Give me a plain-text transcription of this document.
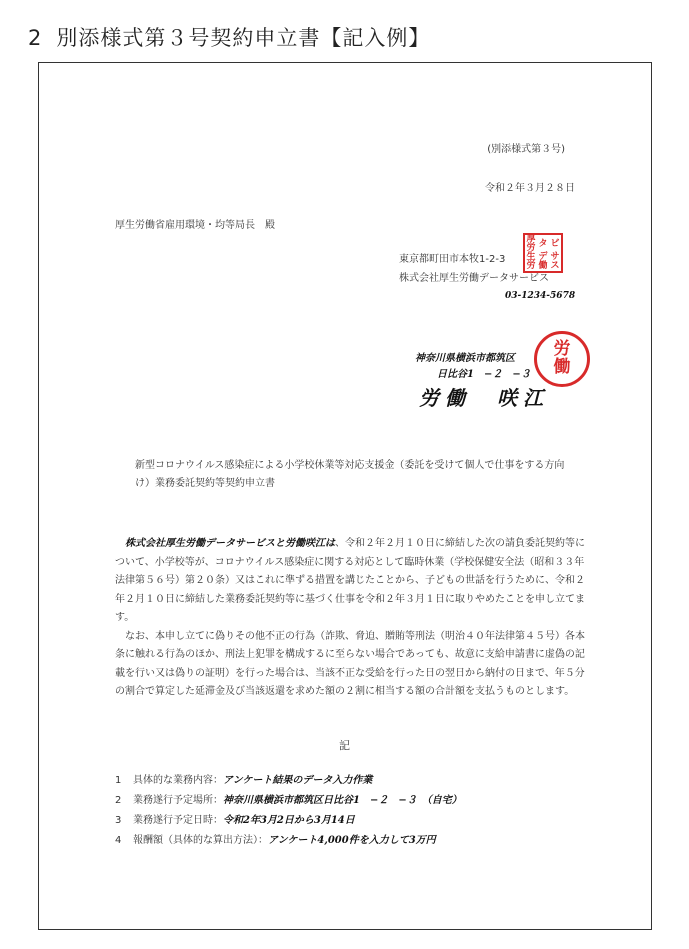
2 別添様式第３号契約申立書【記入例】
(別添様式第３号)
令和２年３月２８日
厚生労働省雇用環境・均等局長　殿
東京都町田市本牧1-2-3
株式会社厚生労働データサービス
03-1234-5678
厚労 タ ビ
生 デ サ
労 働 ス
神奈川県横浜市都筑区
日比谷1　−２　−３
労働　咲江
労
働
新型コロナウイルス感染症による小学校休業等対応支援金（委託を受けて個人で仕事をする方向け）業務委託契約等契約申立書

株式会社厚生労働データサービスと労働咲江は、令和２年２月１０日に締結した次の請負委託契約等について、小学校等が、コロナウイルス感染症に関する対応として臨時休業（学校保健安全法（昭和３３年法律第５６号）第２０条）又はこれに準ずる措置を講じたことから、子どもの世話を行うために、令和２年２月１０日に締結した業務委託契約等に基づく仕事を令和２年３月１日に取りやめたことを申し立てます。

なお、本申し立てに偽りその他不正の行為（詐欺、脅迫、贈賄等刑法（明治４０年法律第４５号）各本条に触れる行為のほか、刑法上犯罪を構成するに至らない場合であっても、故意に支給申請書に虚偽の記載を行い又は偽りの証明）を行った場合は、当該不正な受給を行った日の翌日から納付の日まで、年５分の割合で算定した延滞金及び当該返還を求めた額の２割に相当する額の合計額を支払うものとします。

記
1 具体的な業務内容：アンケート結果のデータ入力作業
2 業務遂行予定場所：神奈川県横浜市都筑区日比谷1　−２　−３　（自宅）
3 業務遂行予定日時：令和2年3月2日から3月14日
4 報酬額（具体的な算出方法）：アンケート4,000件を入力して3万円
